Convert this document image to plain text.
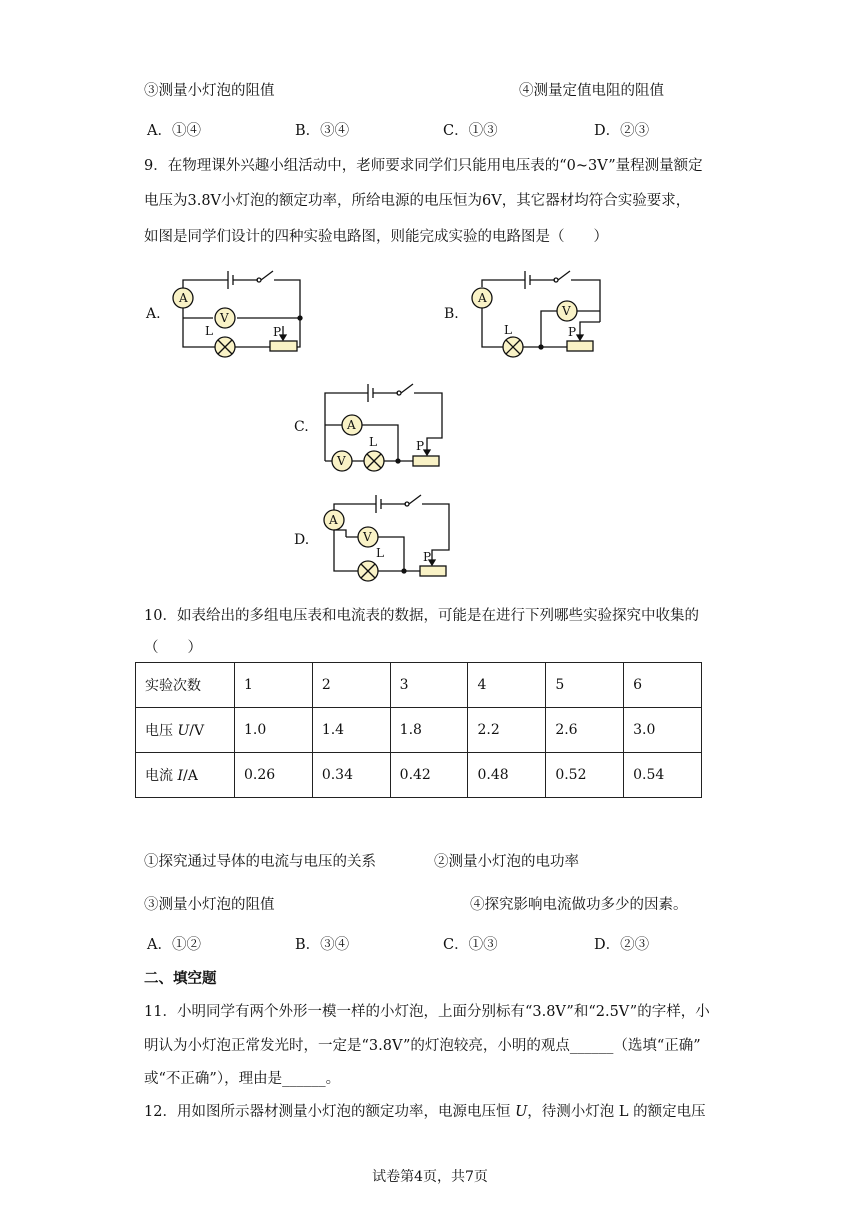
③测量小灯泡的阻值	④测量定值电阻的阻值
A．①④	B．③④	C．①③	D．②③
9．在物理课外兴趣小组活动中，老师要求同学们只能用电压表的“0~3V”量程测量额定
电压为3.8V小灯泡的额定功率，所给电源的电压恒为6V，其它器材均符合实验要求，
如图是同学们设计的四种实验电路图，则能完成实验的电路图是（　　）
A.
A
V
L	P
B.
A
V
L	P
C.	A
V
L	P
D.
A
V
L	P
10．如表给出的多组电压表和电流表的数据，可能是在进行下列哪些实验探究中收集的
（　　）
实验次数	1	2	3	4	5	6
电压 U/V	1.0	1.4	1.8	2.2	2.6	3.0
电流 I/A	0.26	0.34	0.42	0.48	0.52	0.54
①探究通过导体的电流与电压的关系	②测量小灯泡的电功率
③测量小灯泡的阻值	④探究影响电流做功多少的因素。
A．①②	B．③④	C．①③	D．②③
二、填空题
11．小明同学有两个外形一模一样的小灯泡，上面分别标有“3.8V”和“2.5V”的字样，小
明认为小灯泡正常发光时，一定是“3.8V”的灯泡较亮，小明的观点______（选填“正确”
或“不正确”），理由是______。
12．用如图所示器材测量小灯泡的额定功率，电源电压恒 U，待测小灯泡 L 的额定电压
试卷第4页，共7页
